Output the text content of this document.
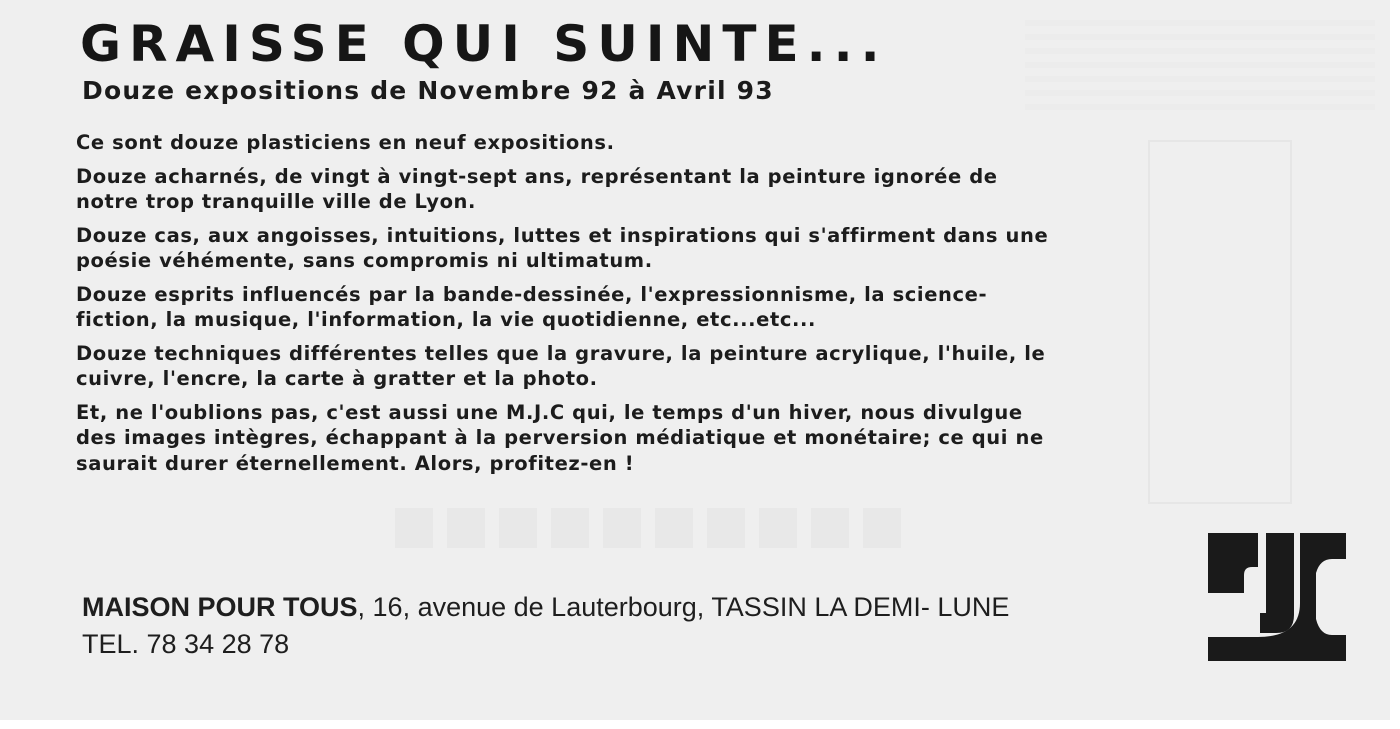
GRAISSE QUI SUINTE...
Douze expositions de Novembre 92 à Avril 93

Ce sont douze plasticiens en neuf expositions.

Douze acharnés, de vingt à vingt-sept ans, représentant la peinture ignorée de
notre trop tranquille ville de Lyon.

Douze cas, aux angoisses, intuitions, luttes et inspirations qui s'affirment dans une
poésie véhémente, sans compromis ni ultimatum.

Douze esprits influencés par la bande-dessinée, l'expressionnisme, la science-
fiction, la musique, l'information, la vie quotidienne, etc...etc...

Douze techniques différentes telles que la gravure, la peinture acrylique, l'huile, le
cuivre, l'encre, la carte à gratter et la photo.

Et, ne l'oublions pas, c'est aussi une M.J.C qui, le temps d'un hiver, nous divulgue
des images intègres, échappant à la perversion médiatique et monétaire; ce qui ne
saurait durer éternellement. Alors, profitez-en !

MAISON POUR TOUS, 16, avenue de Lauterbourg, TASSIN LA DEMI- LUNE
TEL. 78 34 28 78
